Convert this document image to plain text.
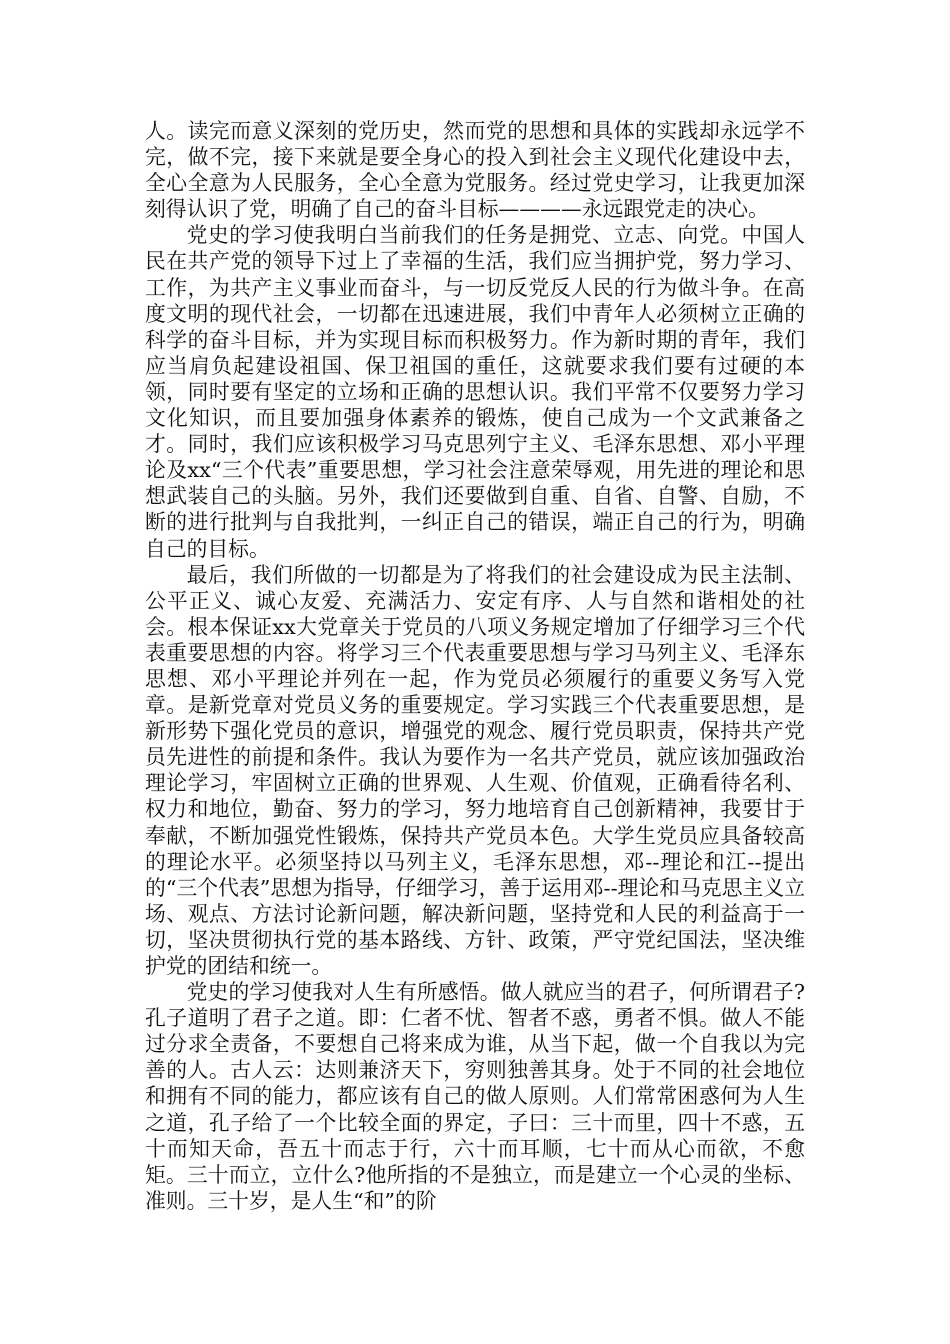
人。读完而意义深刻的党历史，然而党的思想和具体的实践却永远学不完，做不完，接下来就是要全身心的投入到社会主义现代化建设中去，全心全意为人民服务，全心全意为党服务。经过党史学习，让我更加深刻得认识了党，明确了自己的奋斗目标————永远跟党走的决心。

党史的学习使我明白当前我们的任务是拥党、立志、向党。中国人民在共产党的领导下过上了幸福的生活，我们应当拥护党，努力学习、工作，为共产主义事业而奋斗，与一切反党反人民的行为做斗争。在高度文明的现代社会，一切都在迅速进展，我们中青年人必须树立正确的科学的奋斗目标，并为实现目标而积极努力。作为新时期的青年，我们应当肩负起建设祖国、保卫祖国的重任，这就要求我们要有过硬的本领，同时要有坚定的立场和正确的思想认识。我们平常不仅要努力学习文化知识，而且要加强身体素养的锻炼，使自己成为一个文武兼备之才。同时，我们应该积极学习马克思列宁主义、毛泽东思想、邓小平理论及xx“三个代表”重要思想，学习社会注意荣辱观，用先进的理论和思想武装自己的头脑。另外，我们还要做到自重、自省、自警、自励，不断的进行批判与自我批判，一纠正自己的错误，端正自己的行为，明确自己的目标。

最后，我们所做的一切都是为了将我们的社会建设成为民主法制、公平正义、诚心友爱、充满活力、安定有序、人与自然和谐相处的社会。根本保证xx大党章关于党员的八项义务规定增加了仔细学习三个代表重要思想的内容。将学习三个代表重要思想与学习马列主义、毛泽东思想、邓小平理论并列在一起，作为党员必须履行的重要义务写入党章。是新党章对党员义务的重要规定。学习实践三个代表重要思想，是新形势下强化党员的意识，增强党的观念、履行党员职责，保持共产党员先进性的前提和条件。我认为要作为一名共产党员，就应该加强政治理论学习，牢固树立正确的世界观、人生观、价值观，正确看待名利、权力和地位，勤奋、努力的学习，努力地培育自己创新精神，我要甘于奉献，不断加强党性锻炼，保持共产党员本色。大学生党员应具备较高的理论水平。必须坚持以马列主义，毛泽东思想，邓--理论和江--提出的“三个代表”思想为指导，仔细学习，善于运用邓--理论和马克思主义立场、观点、方法讨论新问题，解决新问题，坚持党和人民的利益高于一切，坚决贯彻执行党的基本路线、方针、政策，严守党纪国法，坚决维护党的团结和统一。

党史的学习使我对人生有所感悟。做人就应当的君子，何所谓君子?孔子道明了君子之道。即：仁者不忧、智者不惑，勇者不惧。做人不能过分求全责备，不要想自己将来成为谁，从当下起，做一个自我以为完善的人。古人云：达则兼济天下，穷则独善其身。处于不同的社会地位和拥有不同的能力，都应该有自己的做人原则。人们常常困惑何为人生之道，孔子给了一个比较全面的界定，子曰：三十而里，四十不惑，五十而知天命，吾五十而志于行，六十而耳顺，七十而从心而欲，不愈矩。三十而立，立什么?他所指的不是独立，而是建立一个心灵的坐标、准则。三十岁，是人生“和”的阶
